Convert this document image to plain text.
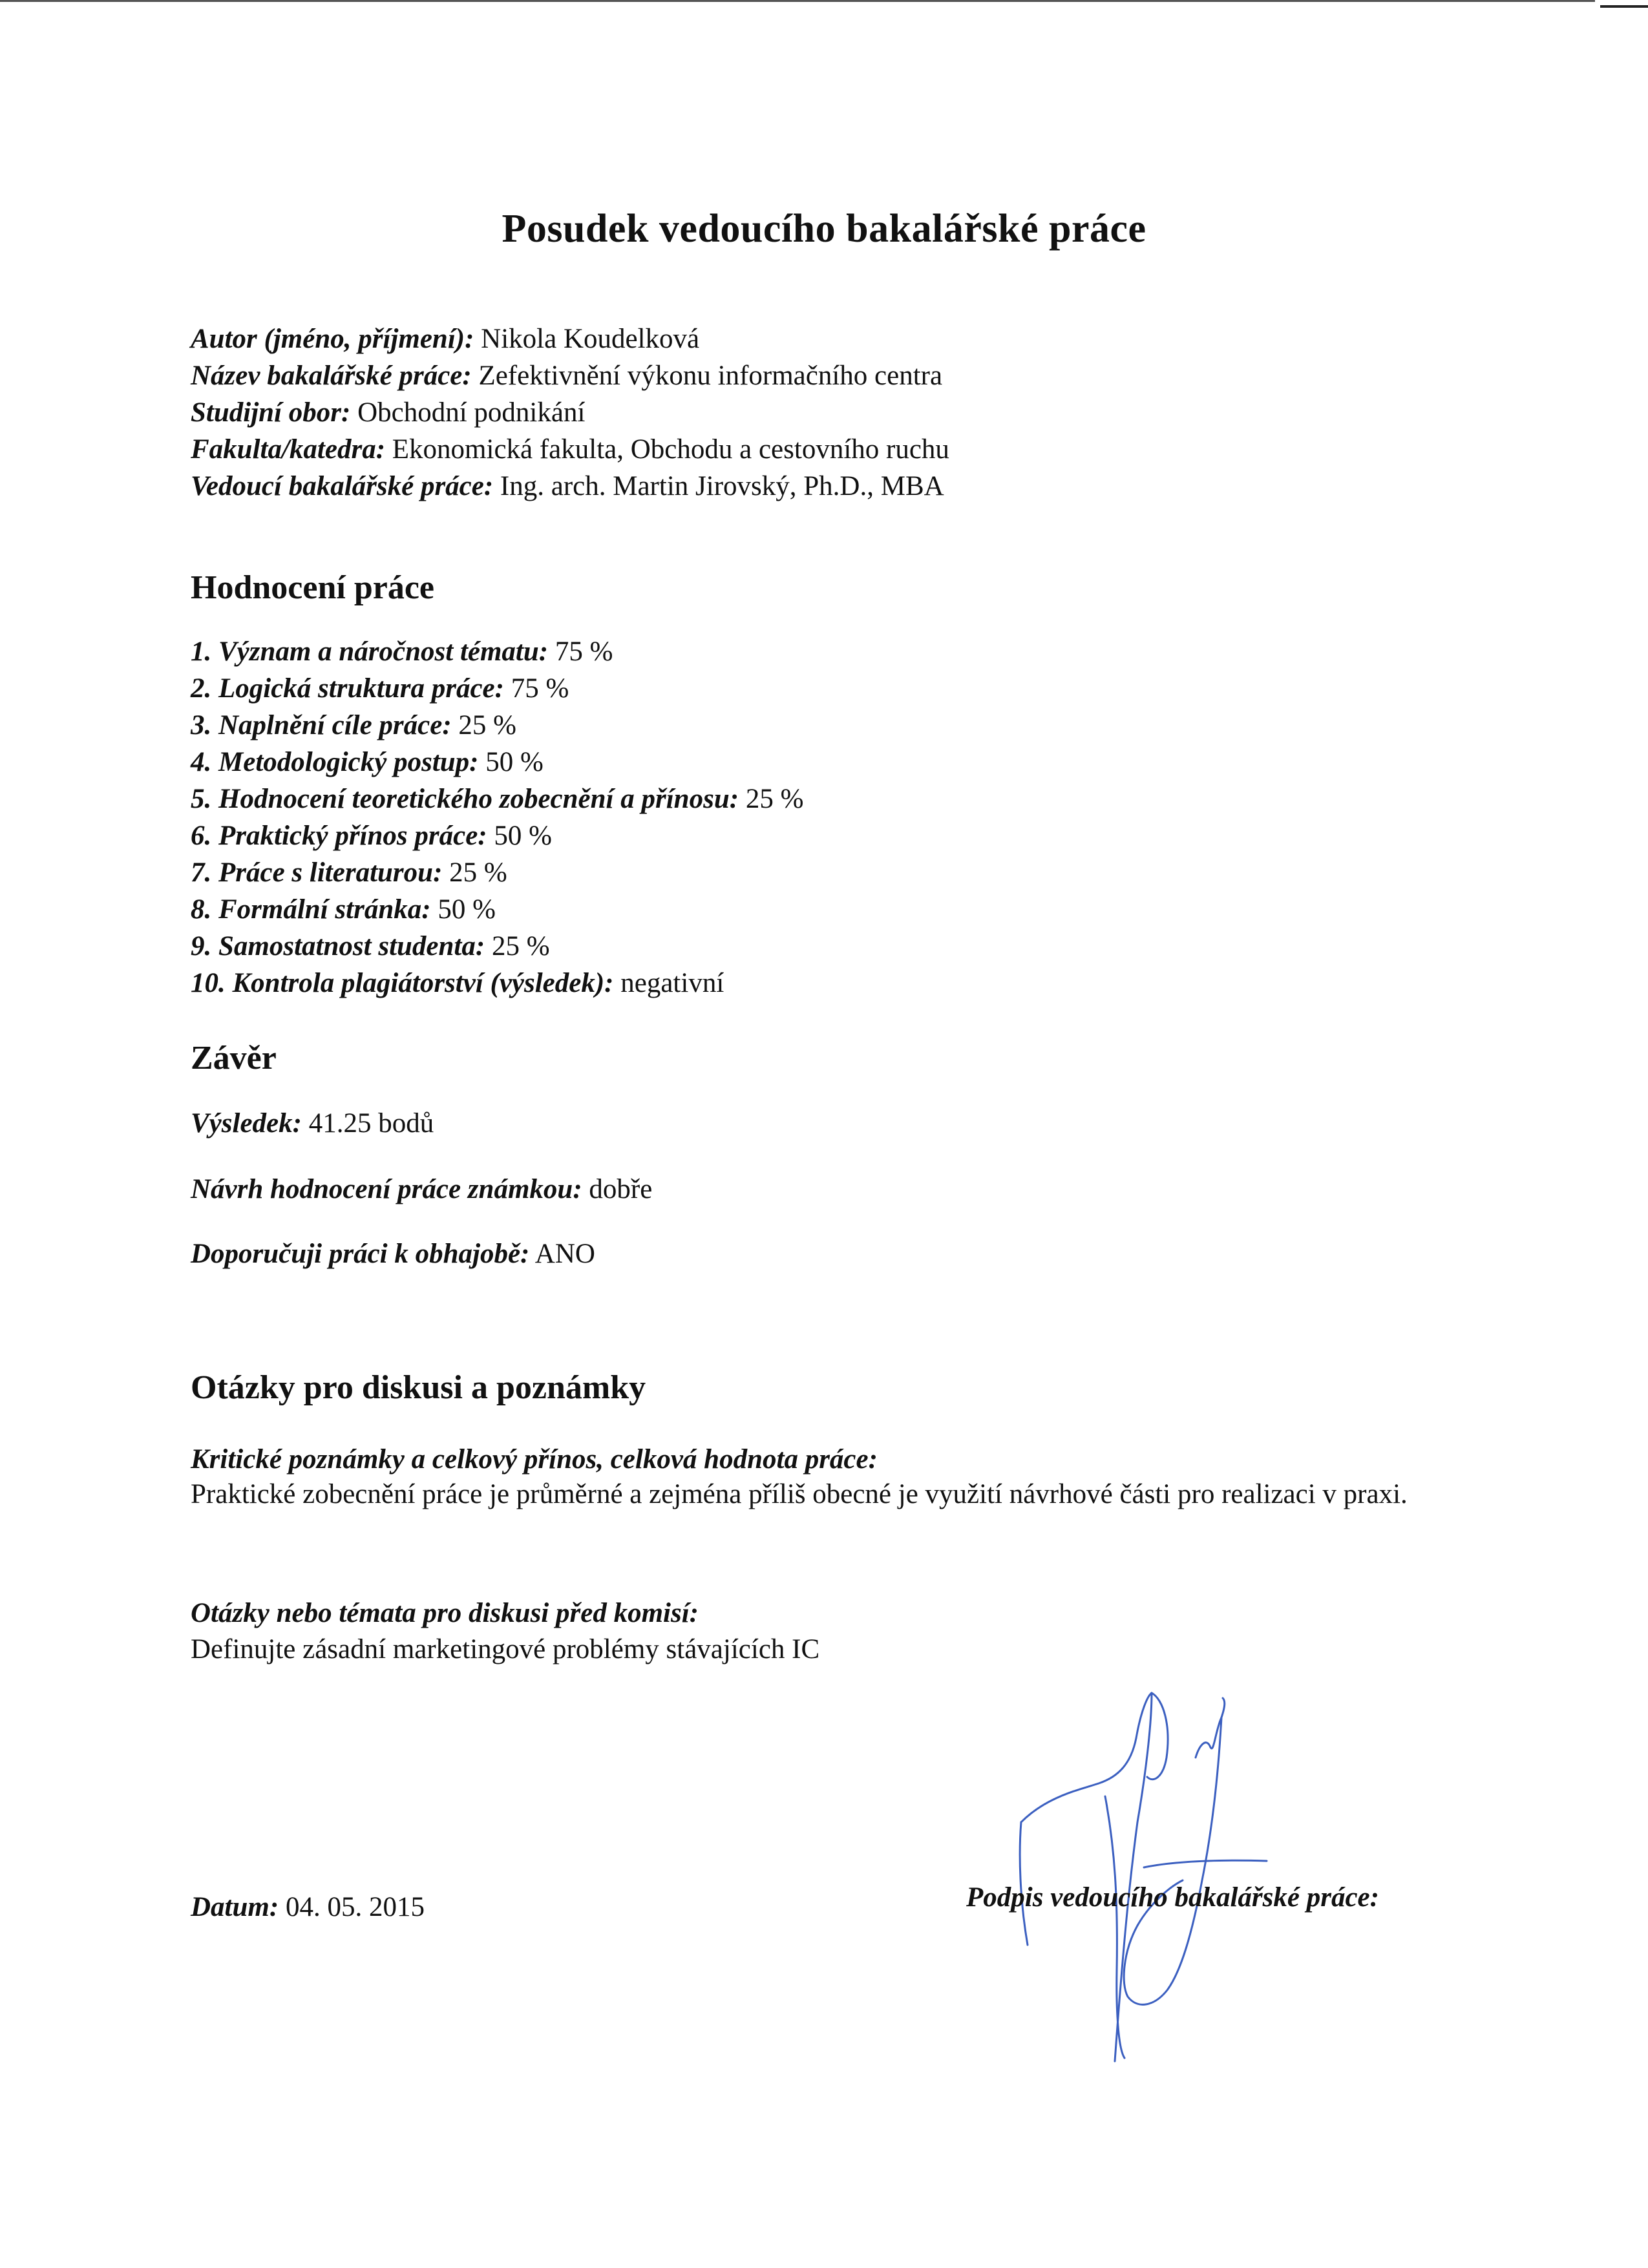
Posudek vedoucího bakalářské práce
Autor (jméno, příjmení): Nikola Koudelková
Název bakalářské práce: Zefektivnění výkonu informačního centra
Studijní obor: Obchodní podnikání
Fakulta/katedra: Ekonomická fakulta, Obchodu a cestovního ruchu
Vedoucí bakalářské práce: Ing. arch. Martin Jirovský, Ph.D., MBA
Hodnocení práce
1. Význam a náročnost tématu: 75 %
2. Logická struktura práce: 75 %
3. Naplnění cíle práce: 25 %
4. Metodologický postup: 50 %
5. Hodnocení teoretického zobecnění a přínosu: 25 %
6. Praktický přínos práce: 50 %
7. Práce s literaturou: 25 %
8. Formální stránka: 50 %
9. Samostatnost studenta: 25 %
10. Kontrola plagiátorství (výsledek): negativní
Závěr
Výsledek: 41.25 bodů
Návrh hodnocení práce známkou: dobře
Doporučuji práci k obhajobě: ANO
Otázky pro diskusi a poznámky
Kritické poznámky a celkový přínos, celková hodnota práce:
Praktické zobecnění práce je průměrné a zejména příliš obecné je využití návrhové části pro realizaci v praxi.
Otázky nebo témata pro diskusi před komisí:
Definujte zásadní marketingové problémy stávajících IC
Datum: 04. 05. 2015	Podpis vedoucího bakalářské práce:
